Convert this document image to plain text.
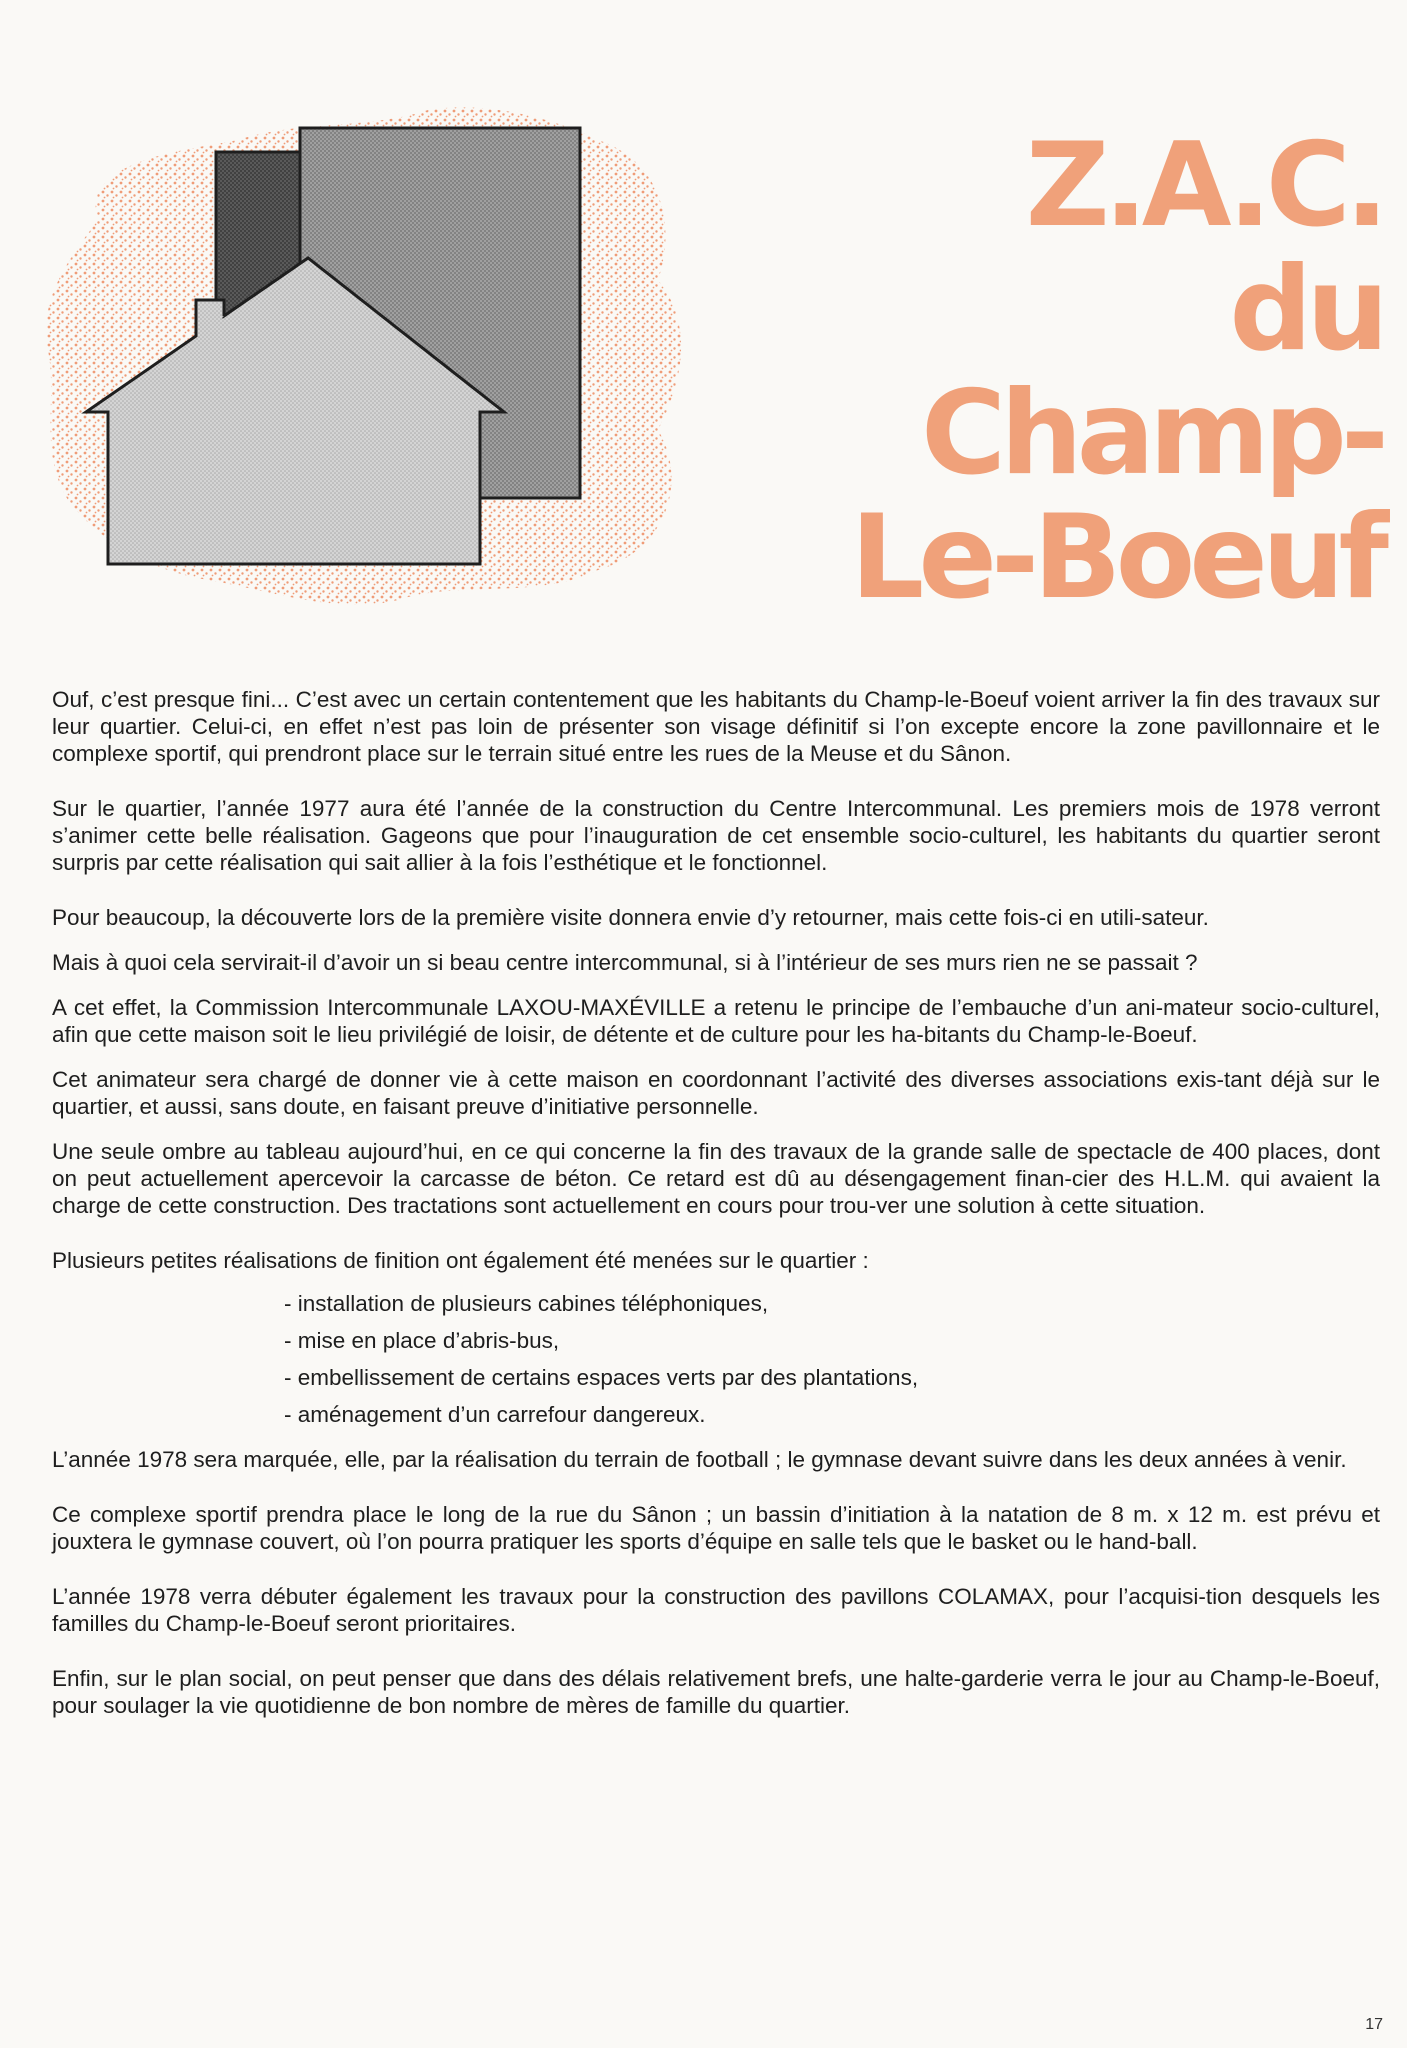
Z.A.C.
du
Champ-
Le-Boeuf

Ouf, c’est presque fini... C’est avec un certain contentement que les habitants du Champ-le-Boeuf voient arriver la fin des travaux sur leur quartier. Celui-ci, en effet n’est pas loin de présenter son visage définitif si l’on excepte encore la zone pavillonnaire et le complexe sportif, qui prendront place sur le terrain situé entre les rues de la Meuse et du Sânon.

Sur le quartier, l’année 1977 aura été l’année de la construction du Centre Intercommunal. Les premiers mois de 1978 verront s’animer cette belle réalisation. Gageons que pour l’inauguration de cet ensemble socio-culturel, les habitants du quartier seront surpris par cette réalisation qui sait allier à la fois l’esthétique et le fonctionnel.

Pour beaucoup, la découverte lors de la première visite donnera envie d’y retourner, mais cette fois-ci en utili-sateur.

Mais à quoi cela servirait-il d’avoir un si beau centre intercommunal, si à l’intérieur de ses murs rien ne se passait ?

A cet effet, la Commission Intercommunale LAXOU-MAXÉVILLE a retenu le principe de l’embauche d’un ani-mateur socio-culturel, afin que cette maison soit le lieu privilégié de loisir, de détente et de culture pour les ha-bitants du Champ-le-Boeuf.

Cet animateur sera chargé de donner vie à cette maison en coordonnant l’activité des diverses associations exis-tant déjà sur le quartier, et aussi, sans doute, en faisant preuve d’initiative personnelle.

Une seule ombre au tableau aujourd’hui, en ce qui concerne la fin des travaux de la grande salle de spectacle de 400 places, dont on peut actuellement apercevoir la carcasse de béton. Ce retard est dû au désengagement finan-cier des H.L.M. qui avaient la charge de cette construction. Des tractations sont actuellement en cours pour trou-ver une solution à cette situation.

Plusieurs petites réalisations de finition ont également été menées sur le quartier :

- installation de plusieurs cabines téléphoniques,
- mise en place d’abris-bus,
- embellissement de certains espaces verts par des plantations,
- aménagement d’un carrefour dangereux.

L’année 1978 sera marquée, elle, par la réalisation du terrain de football ; le gymnase devant suivre dans les deux années à venir.

Ce complexe sportif prendra place le long de la rue du Sânon ; un bassin d’initiation à la natation de 8 m. x 12 m. est prévu et jouxtera le gymnase couvert, où l’on pourra pratiquer les sports d’équipe en salle tels que le basket ou le hand-ball.

L’année 1978 verra débuter également les travaux pour la construction des pavillons COLAMAX, pour l’acquisi-tion desquels les familles du Champ-le-Boeuf seront prioritaires.

Enfin, sur le plan social, on peut penser que dans des délais relativement brefs, une halte-garderie verra le jour au Champ-le-Boeuf, pour soulager la vie quotidienne de bon nombre de mères de famille du quartier.

17
